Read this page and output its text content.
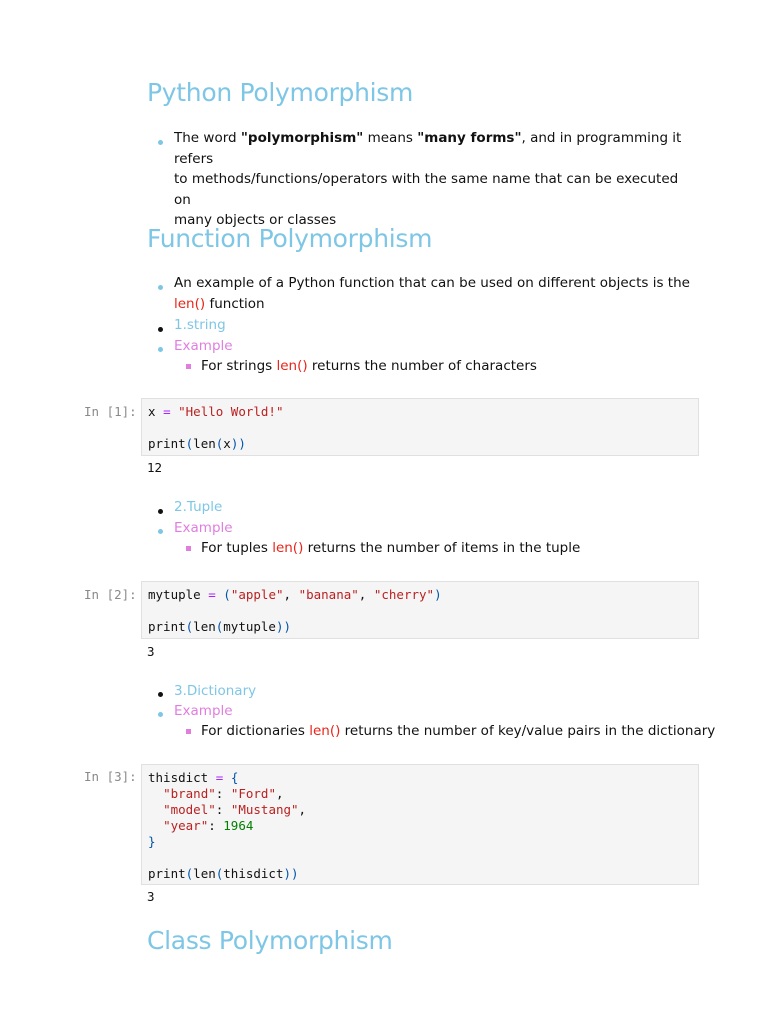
Python Polymorphism
The word "polymorphism" means "many forms", and in programming it refers
to methods/functions/operators with the same name that can be executed on
many objects or classes
Function Polymorphism
An example of a Python function that can be used on different objects is the
len() function
1.string
Example
For strings len() returns the number of characters
In [1]: x = "Hello World!"

print(len(x))
12
2.Tuple
Example
For tuples len() returns the number of items in the tuple
In [2]: mytuple = ("apple", "banana", "cherry")

print(len(mytuple))
3
3.Dictionary
Example
For dictionaries len() returns the number of key/value pairs in the dictionary
In [3]: thisdict = {
"brand": "Ford",
"model": "Mustang",
"year": 1964
}

print(len(thisdict))
3
Class Polymorphism
